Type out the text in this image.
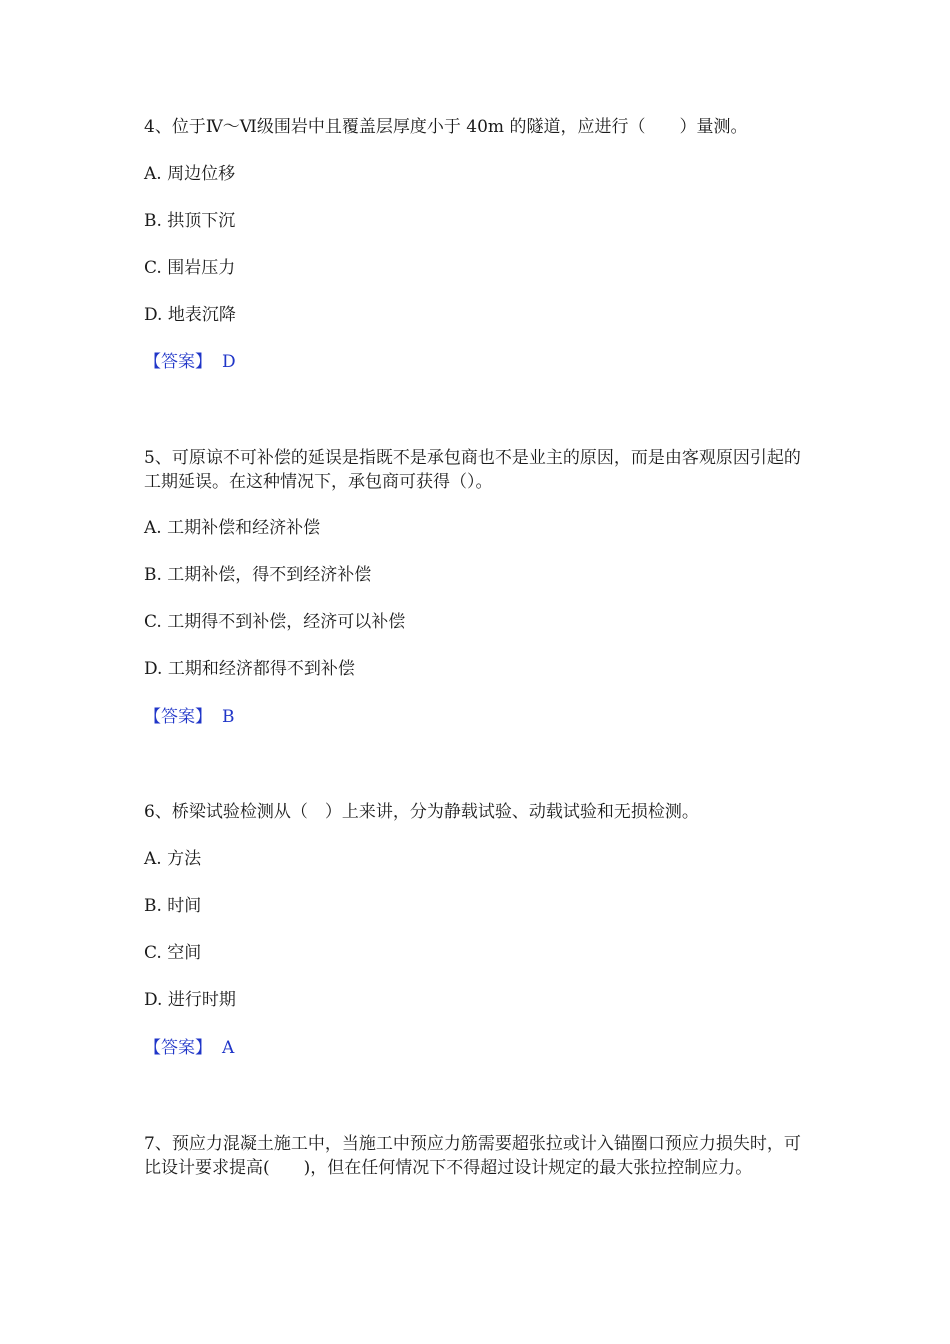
4、位于Ⅳ～Ⅵ级围岩中且覆盖层厚度小于 40m 的隧道，应进行（　　）量测。

A. 周边位移
B. 拱顶下沉
C. 围岩压力
D. 地表沉降
【答案】 D

5、可原谅不可补偿的延误是指既不是承包商也不是业主的原因，而是由客观原因引起的工期延误。在这种情况下，承包商可获得（）。

A. 工期补偿和经济补偿
B. 工期补偿，得不到经济补偿
C. 工期得不到补偿，经济可以补偿
D. 工期和经济都得不到补偿
【答案】 B

6、桥梁试验检测从（　）上来讲，分为静载试验、动载试验和无损检测。

A. 方法
B. 时间
C. 空间
D. 进行时期
【答案】 A

7、预应力混凝土施工中，当施工中预应力筋需要超张拉或计入锚圈口预应力损失时，可比设计要求提高(　　)，但在任何情况下不得超过设计规定的最大张拉控制应力。
